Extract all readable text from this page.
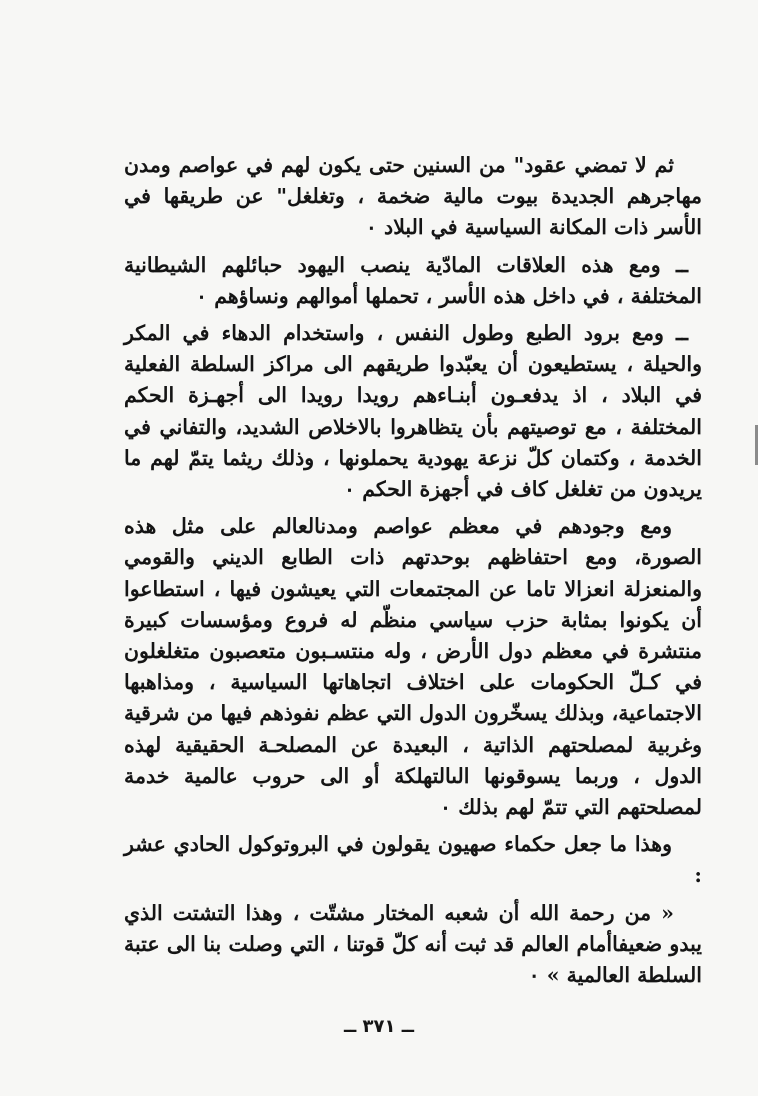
ثم لا تمضي عقود" من السنين حتى يكون لهم في عواصم ومدن مهاجرهم الجديدة بيوت مالية ضخمة ، وتغلغل" عن طريقها في الأسر ذات المكانة السياسية في البلاد ٠

ــ ومع هذه العلاقات المادّية ينصب اليهود حبائلهم الشيطانية المختلفة ، في داخل هذه الأسر ، تحملها أموالهم ونساؤهم ٠

ــ ومع برود الطبع وطول النفس ، واستخدام الدهاء في المكر والحيلة ، يستطيعون أن يعبّدوا طريقهم الى مراكز السلطة الفعلية في البلاد ، اذ يدفعـون أبنـاءهم رويدا رويدا الى أجهـزة الحكم المختلفة ، مع توصيتهم بأن يتظاهروا بالاخلاص الشديد، والتفاني في الخدمة ، وكتمان كلّ نزعة يهودية يحملونها ، وذلك ريثما يتمّ لهم ما يريدون من تغلغل كاف في أجهزة الحكم ٠

ومع وجودهم في معظم عواصم ومدنالعالم على مثل هذه الصورة، ومع احتفاظهم بوحدتهم ذات الطابع الديني والقومي والمنعزلة انعزالا تاما عن المجتمعات التي يعيشون فيها ، استطاعوا أن يكونوا بمثابة حزب سياسي منظّم له فروع ومؤسسات كبيرة منتشرة في معظم دول الأرض ، وله منتسـبون متعصبون متغلغلون في كـلّ الحكومات على اختلاف اتجاهاتها السياسية ، ومذاهبها الاجتماعية، وبذلك يسخّرون الدول التي عظم نفوذهم فيها من شرقية وغربية لمصلحتهم الذاتية ، البعيدة عن المصلحـة الحقيقية لهذه الدول ، وربما يسوقونها الىالتهلكة أو الى حروب عالمية خدمة لمصلحتهم التي تتمّ لهم بذلك ٠

وهذا ما جعل حكماء صهيون يقولون في البروتوكول الحادي عشر :

« من رحمة الله أن شعبه المختار مشتّت ، وهذا التشتت الذي يبدو ضعيفاأمام العالم قد ثبت أنه كلّ قوتنا ، التي وصلت بنا الى عتبة السلطة العالمية » ٠

ــ ٣٧١ ــ
